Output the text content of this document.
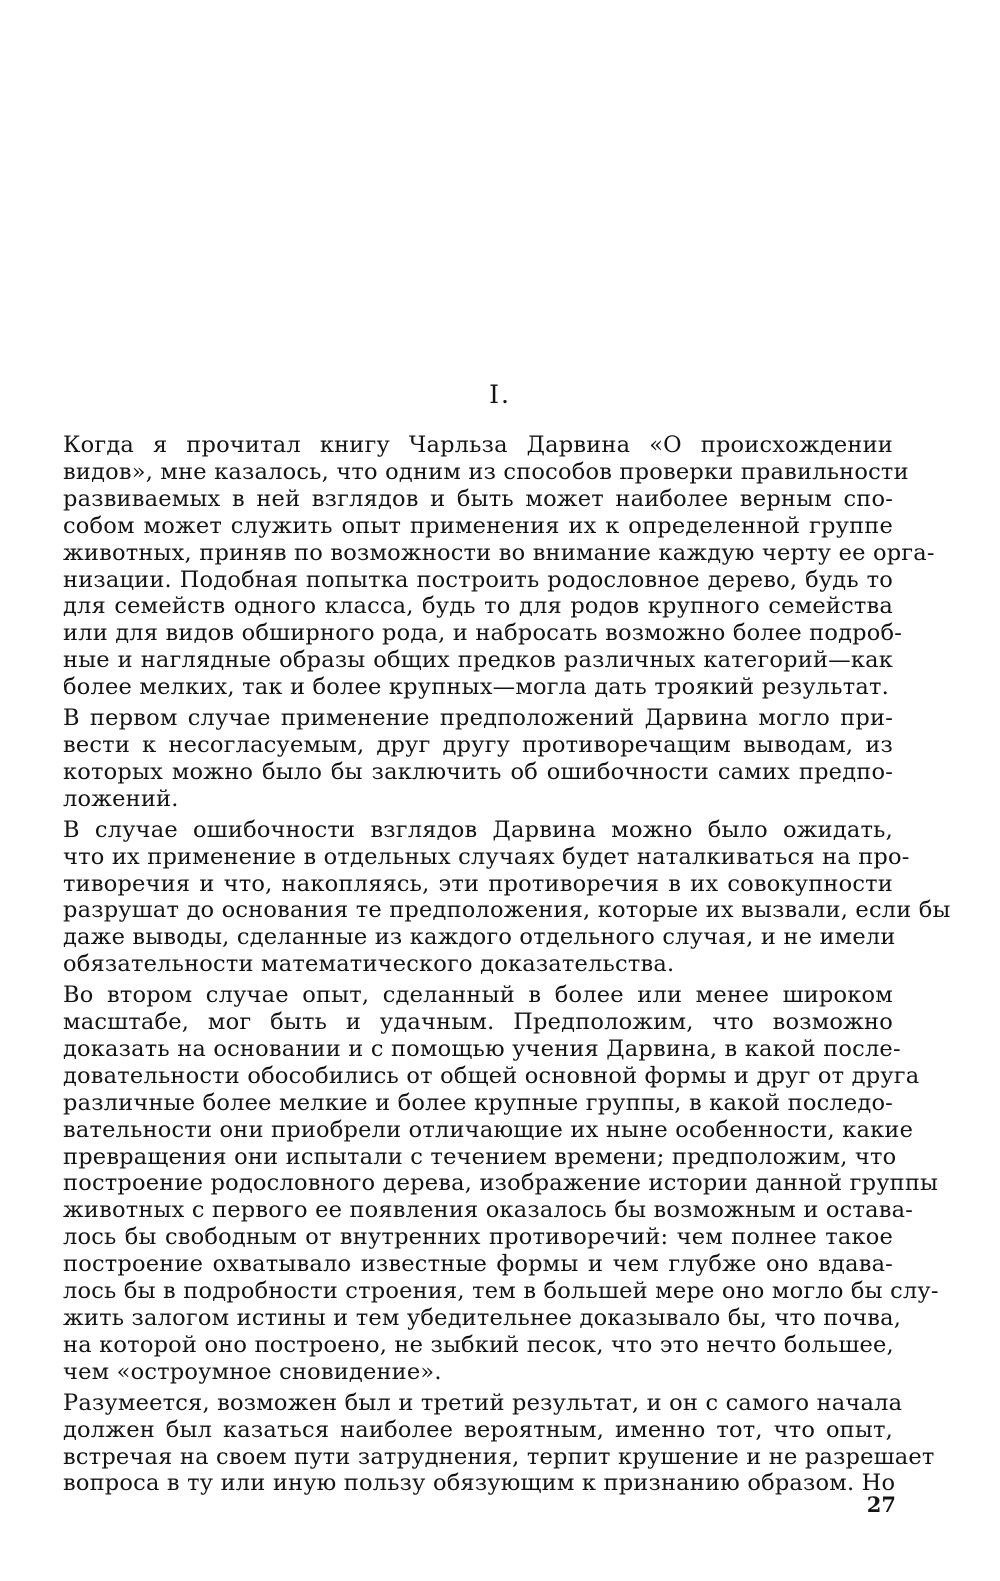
I.
Когда я прочитал книгу Чарльза Дарвина «О происхождении
видов», мне казалось, что одним из способов проверки правильности
развиваемых в ней взглядов и быть может наиболее верным спо-
собом может служить опыт применения их к определенной группе
животных, приняв по возможности во внимание каждую черту ее орга-
низации. Подобная попытка построить родословное дерево, будь то
для семейств одного класса, будь то для родов крупного семейства
или для видов обширного рода, и набросать возможно более подроб-
ные и наглядные образы общих предков различных категорий—как
более мелких, так и более крупных—могла дать троякий результат.
В первом случае применение предположений Дарвина могло при-
вести к несогласуемым, друг другу противоречащим выводам, из
которых можно было бы заключить об ошибочности самих предпо-
ложений.
В случае ошибочности взглядов Дарвина можно было ожидать,
что их применение в отдельных случаях будет наталкиваться на про-
тиворечия и что, накопляясь, эти противоречия в их совокупности
разрушат до основания те предположения, которые их вызвали, если бы
даже выводы, сделанные из каждого отдельного случая, и не имели
обязательности математического доказательства.
Во втором случае опыт, сделанный в более или менее широком
масштабе, мог быть и удачным. Предположим, что возможно
доказать на основании и с помощью учения Дарвина, в какой после-
довательности обособились от общей основной формы и друг от друга
различные более мелкие и более крупные группы, в какой последо-
вательности они приобрели отличающие их ныне особенности, какие
превращения они испытали с течением времени; предположим, что
построение родословного дерева, изображение истории данной группы
животных с первого ее появления оказалось бы возможным и остава-
лось бы свободным от внутренних противоречий: чем полнее такое
построение охватывало известные формы и чем глубже оно вдава-
лось бы в подробности строения, тем в большей мере оно могло бы слу-
жить залогом истины и тем убедительнее доказывало бы, что почва,
на которой оно построено, не зыбкий песок, что это нечто большее,
чем «остроумное сновидение».
Разумеется, возможен был и третий результат, и он с самого начала
должен был казаться наиболее вероятным, именно тот, что опыт,
встречая на своем пути затруднения, терпит крушение и не разрешает
вопроса в ту или иную пользу обязующим к признанию образом. Но
27
